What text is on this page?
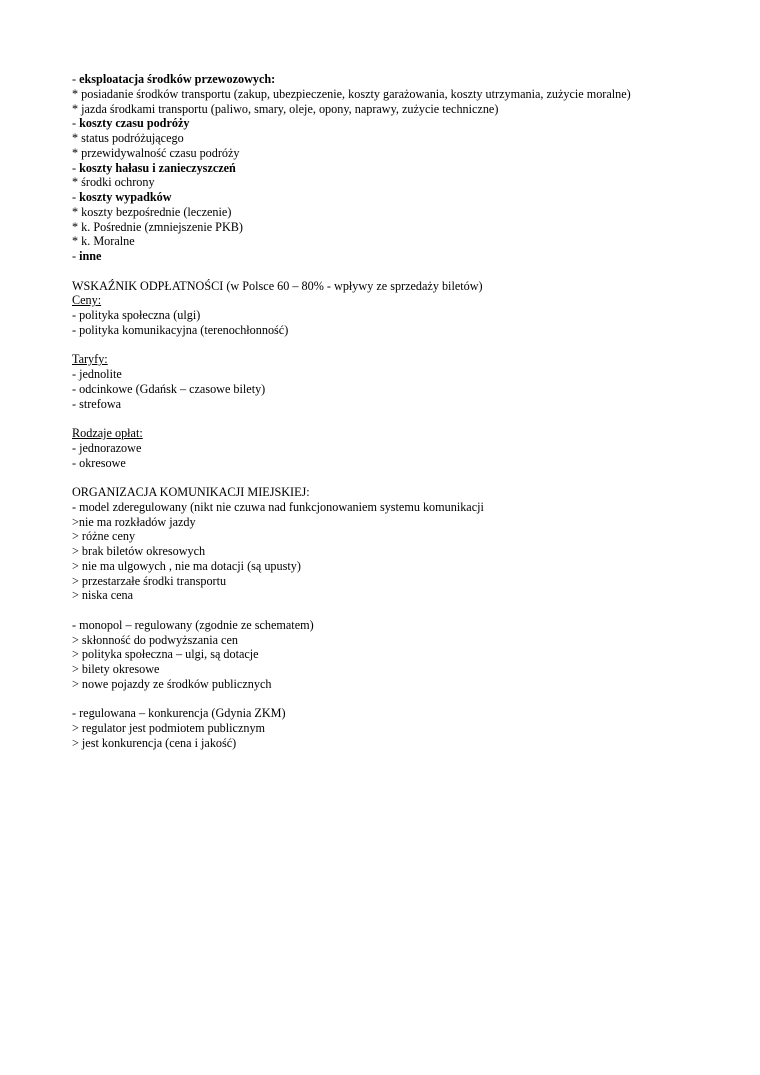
- eksploatacja środków przewozowych:
* posiadanie środków transportu (zakup, ubezpieczenie, koszty garażowania, koszty utrzymania, zużycie moralne)
* jazda środkami transportu (paliwo, smary, oleje, opony, naprawy, zużycie techniczne)
- koszty czasu podróży
* status podróżującego
* przewidywalność czasu podróży
- koszty hałasu i zanieczyszczeń
* środki ochrony
- koszty wypadków
* koszty bezpośrednie (leczenie)
* k. Pośrednie (zmniejszenie PKB)
* k. Moralne
- inne
WSKAŹNIK ODPŁATNOŚCI (w Polsce 60 – 80% - wpływy ze sprzedaży biletów)
Ceny:
- polityka społeczna (ulgi)
- polityka komunikacyjna (terenochłonność)
Taryfy:
- jednolite
- odcinkowe (Gdańsk – czasowe bilety)
- strefowa
Rodzaje opłat:
- jednorazowe
- okresowe
ORGANIZACJA KOMUNIKACJI MIEJSKIEJ:
- model zderegulowany (nikt nie czuwa nad funkcjonowaniem systemu komunikacji
>nie ma rozkładów jazdy
> różne ceny
> brak biletów okresowych
> nie ma ulgowych , nie ma dotacji (są upusty)
> przestarzałe środki transportu
> niska cena
- monopol – regulowany (zgodnie ze schematem)
> skłonność do podwyższania cen
> polityka społeczna – ulgi, są dotacje
> bilety okresowe
> nowe pojazdy ze środków publicznych
- regulowana – konkurencja (Gdynia ZKM)
> regulator jest podmiotem publicznym
> jest konkurencja (cena i jakość)
